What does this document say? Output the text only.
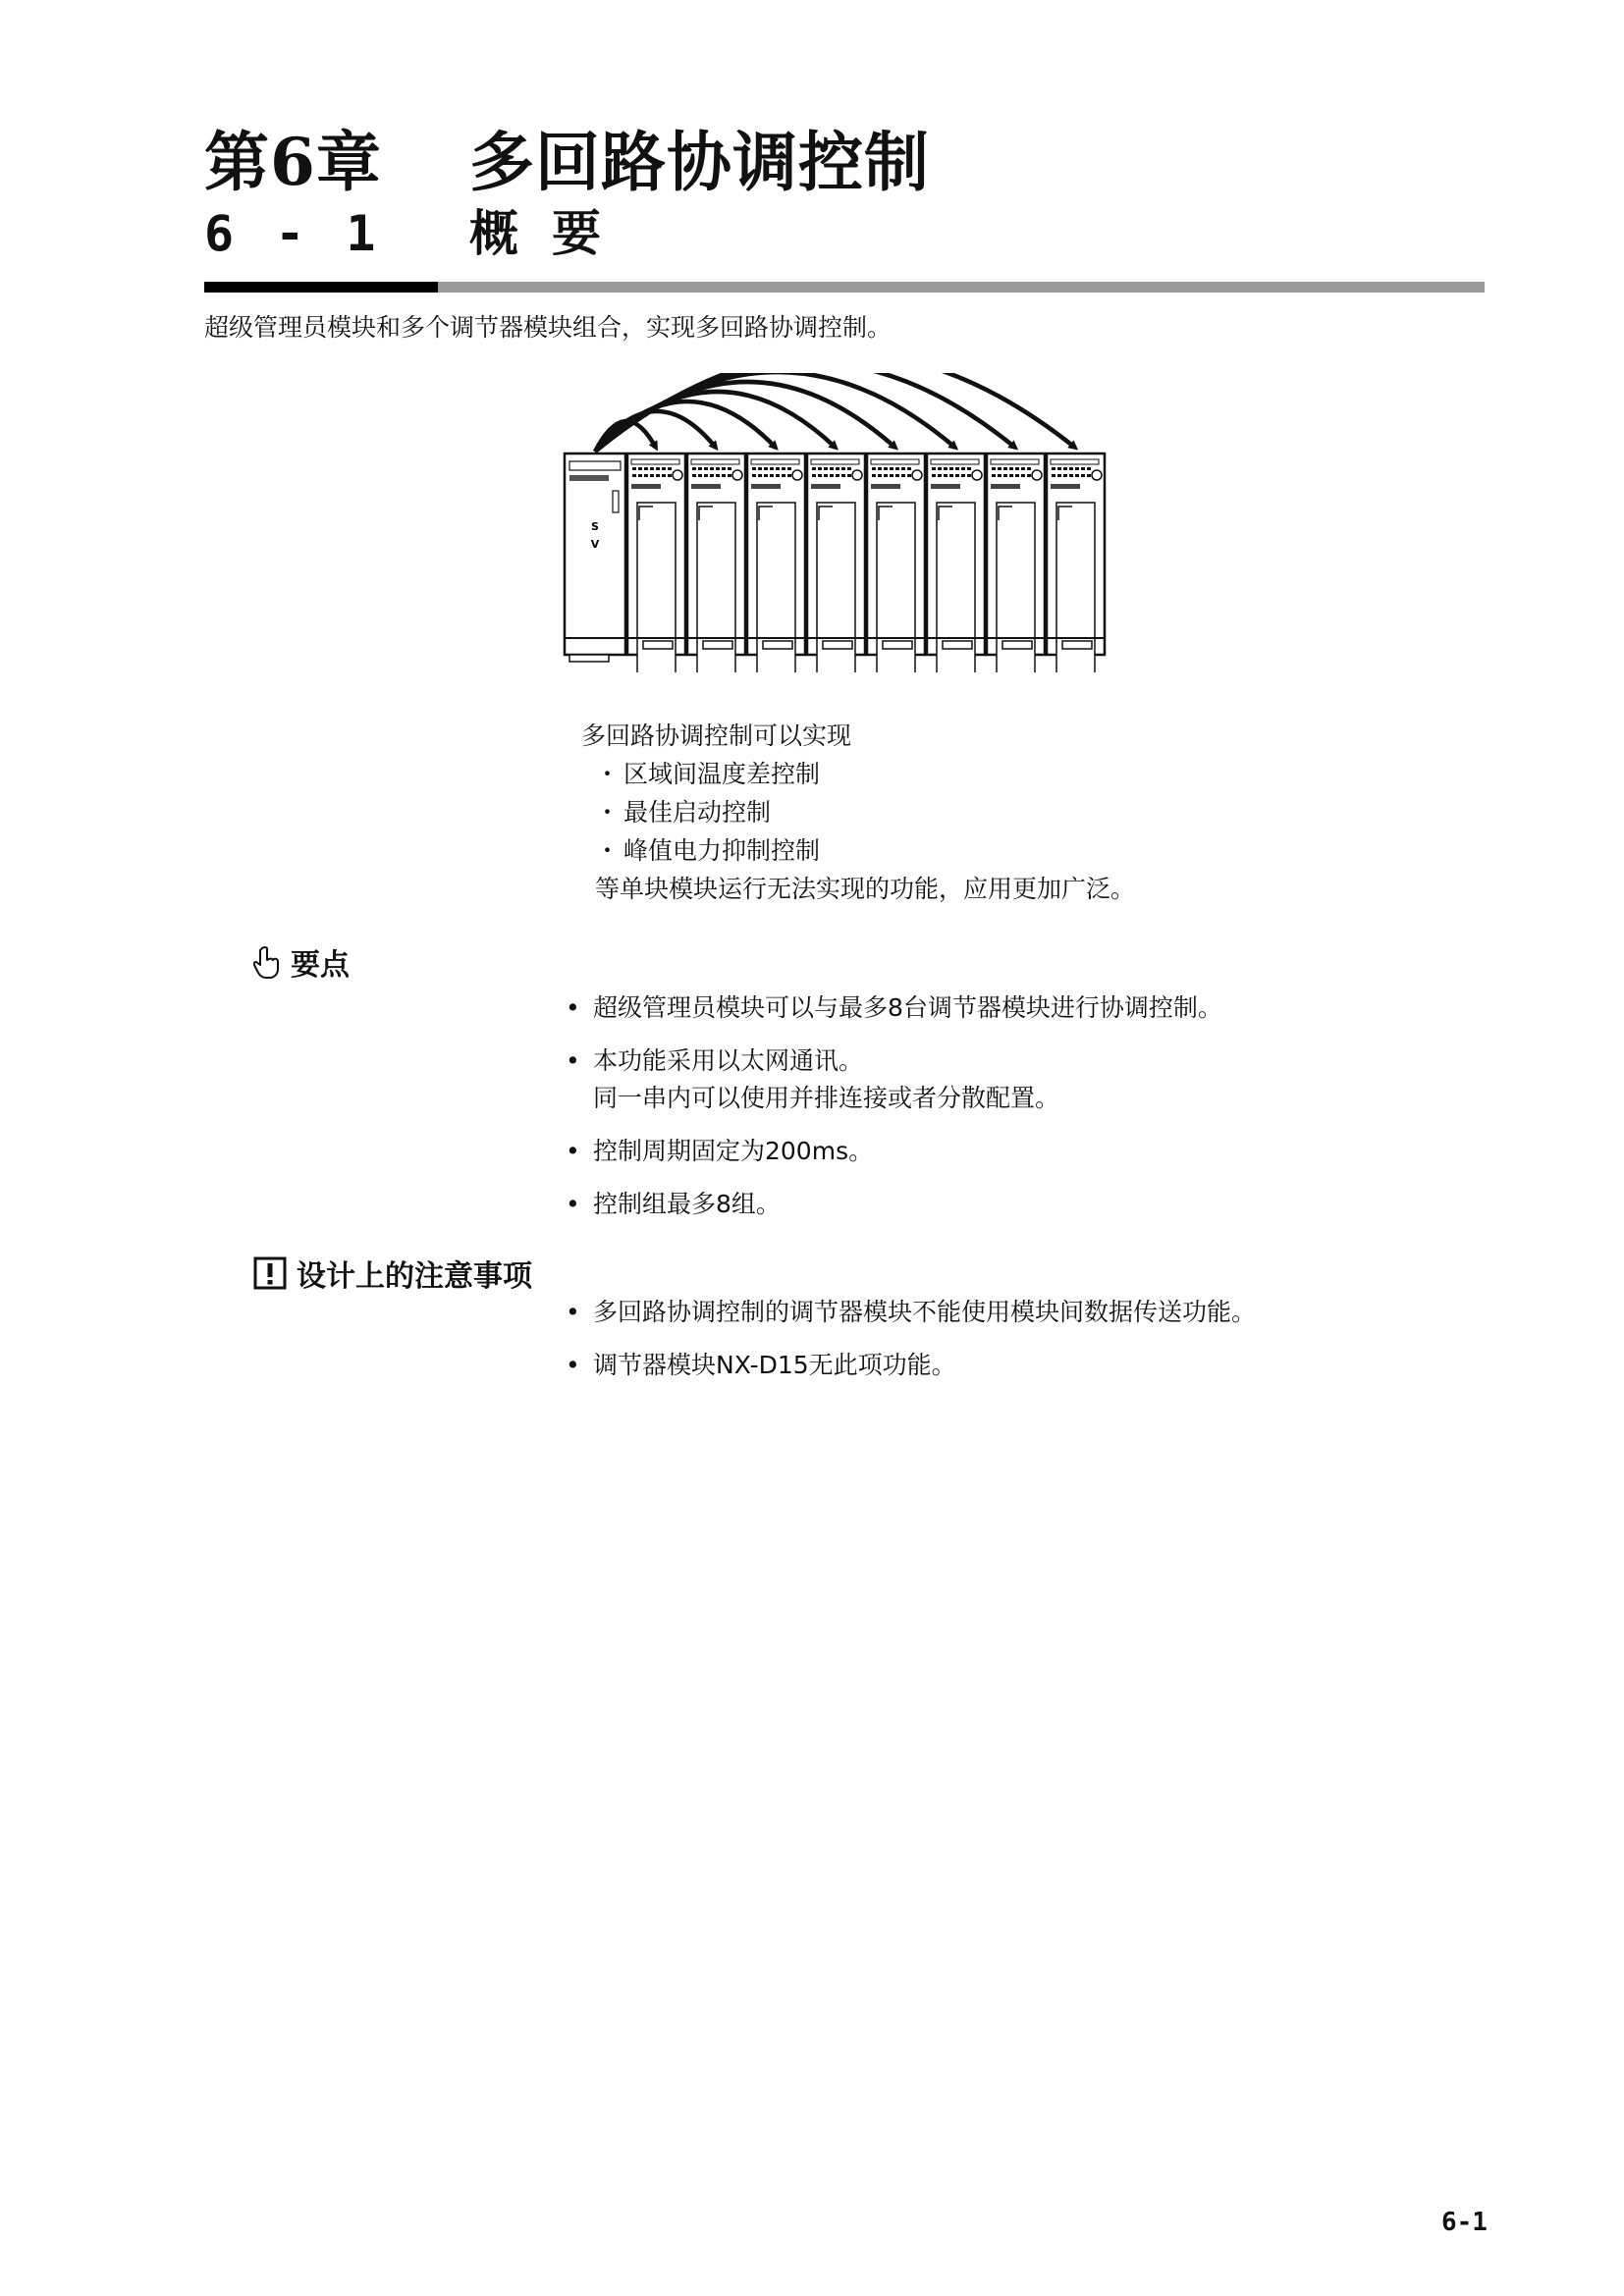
第6章 多回路协调控制
6 - 1 概要
超级管理员模块和多个调节器模块组合，实现多回路协调控制。
S
V
多回路协调控制可以实现
・ 区域间温度差控制
・ 最佳启动控制
・ 峰值电力抑制控制
等单块模块运行无法实现的功能，应用更加广泛。
要点
• 超级管理员模块可以与最多8台调节器模块进行协调控制。
• 本功能采用以太网通讯。
同一串内可以使用并排连接或者分散配置。
• 控制周期固定为200ms。
• 控制组最多8组。
设计上的注意事项
• 多回路协调控制的调节器模块不能使用模块间数据传送功能。
• 调节器模块NX-D15无此项功能。
6-1
